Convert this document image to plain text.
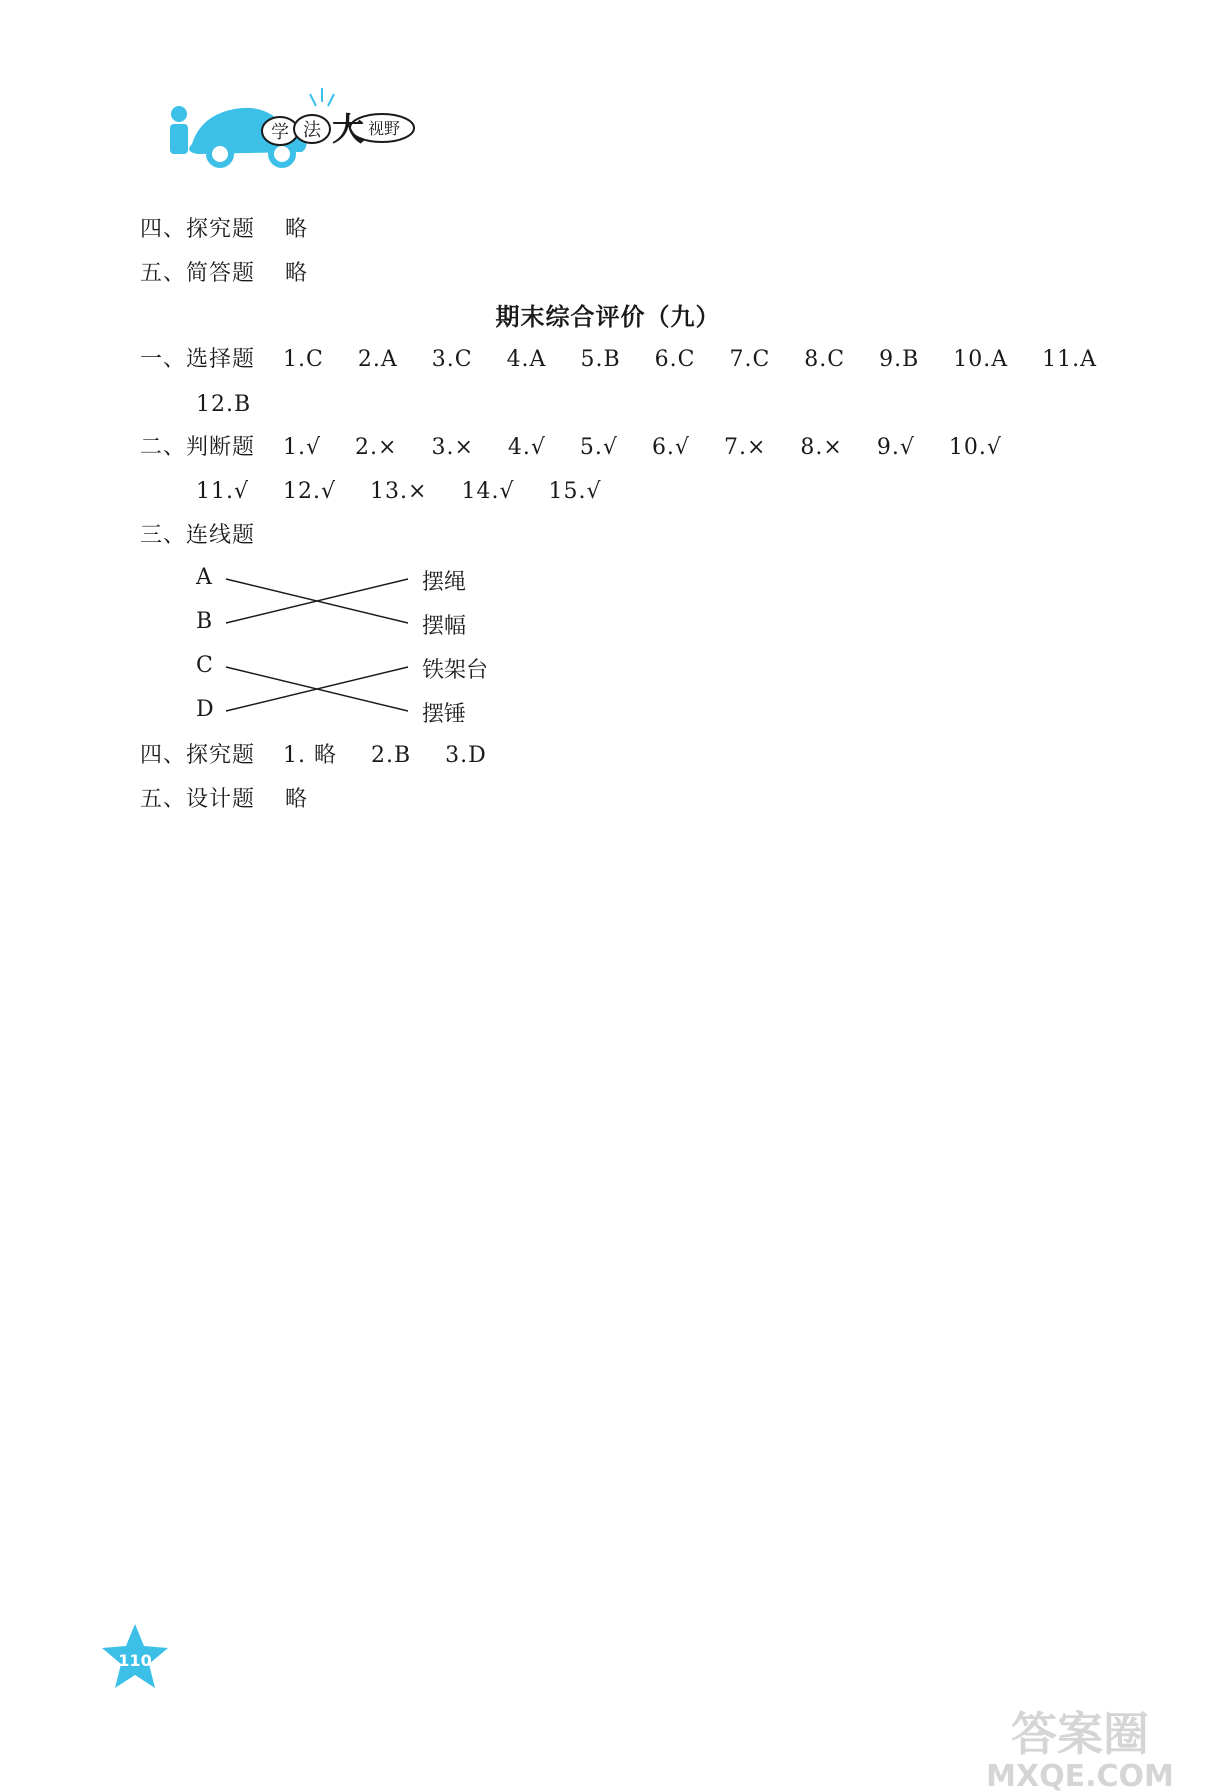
学 法 大 视野
四、探究题 略
五、简答题 略
期末综合评价（九）
一、选择题 1.C 2.A 3.C 4.A 5.B 6.C 7.C 8.C 9.B 10.A 11.A
12.B
二、判断题 1.√ 2.× 3.× 4.√ 5.√ 6.√ 7.× 8.× 9.√ 10.√
11.√ 12.√ 13.× 14.√ 15.√
三、连线题
A
B
C
D
摆绳
摆幅
铁架台
摆锤
四、探究题 1. 略 2.B 3.D
五、设计题 略
110
答案圈
MXQE.COM
